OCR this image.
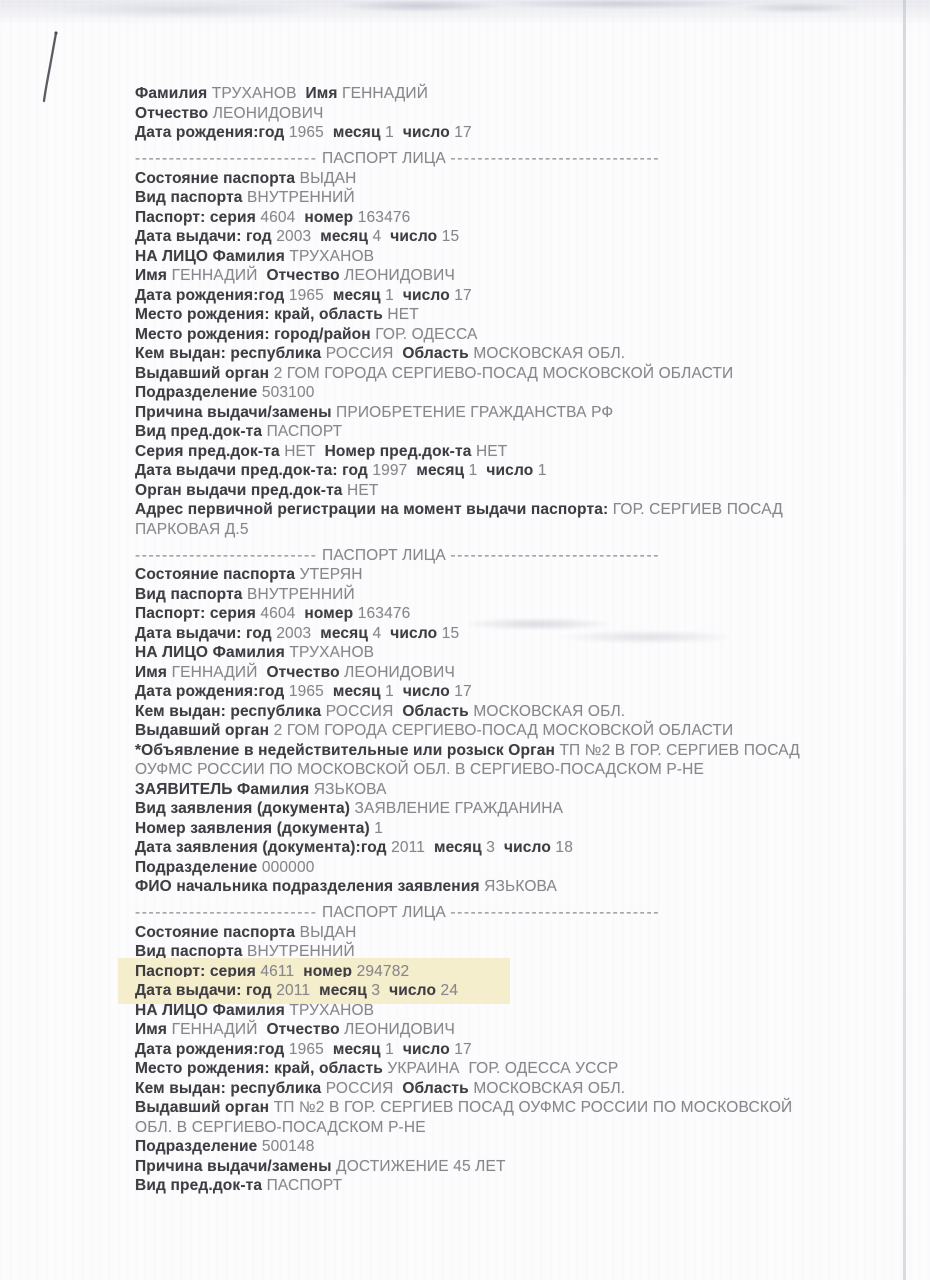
Фамилия ТРУХАНОВ  Имя ГЕННАДИЙ
Отчество ЛЕОНИДОВИЧ
Дата рождения:год 1965  месяц 1  число 17
--------------------------- ПАСПОРТ ЛИЦА -------------------------------
Состояние паспорта ВЫДАН
Вид паспорта ВНУТРЕННИЙ
Паспорт: серия 4604  номер 163476
Дата выдачи: год 2003  месяц 4  число 15
НА ЛИЦО Фамилия ТРУХАНОВ
Имя ГЕННАДИЙ  Отчество ЛЕОНИДОВИЧ
Дата рождения:год 1965  месяц 1  число 17
Место рождения: край, область НЕТ
Место рождения: город/район ГОР. ОДЕССА
Кем выдан: республика РОССИЯ  Область МОСКОВСКАЯ ОБЛ.
Выдавший орган 2 ГОМ ГОРОДА СЕРГИЕВО-ПОСАД МОСКОВСКОЙ ОБЛАСТИ
Подразделение 503100
Причина выдачи/замены ПРИОБРЕТЕНИЕ ГРАЖДАНСТВА РФ
Вид пред.док-та ПАСПОРТ
Серия пред.док-та НЕТ  Номер пред.док-та НЕТ
Дата выдачи пред.док-та: год 1997  месяц 1  число 1
Орган выдачи пред.док-та НЕТ
Адрес первичной регистрации на момент выдачи паспорта: ГОР. СЕРГИЕВ ПОСАД
ПАРКОВАЯ Д.5
--------------------------- ПАСПОРТ ЛИЦА -------------------------------
Состояние паспорта УТЕРЯН
Вид паспорта ВНУТРЕННИЙ
Паспорт: серия 4604  номер 163476
Дата выдачи: год 2003  месяц 4  число 15
НА ЛИЦО Фамилия ТРУХАНОВ
Имя ГЕННАДИЙ  Отчество ЛЕОНИДОВИЧ
Дата рождения:год 1965  месяц 1  число 17
Кем выдан: республика РОССИЯ  Область МОСКОВСКАЯ ОБЛ.
Выдавший орган 2 ГОМ ГОРОДА СЕРГИЕВО-ПОСАД МОСКОВСКОЙ ОБЛАСТИ
*Объявление в недействительные или розыск Орган ТП №2 В ГОР. СЕРГИЕВ ПОСАД
ОУФМС РОССИИ ПО МОСКОВСКОЙ ОБЛ. В СЕРГИЕВО-ПОСАДСКОМ Р-НЕ
ЗАЯВИТЕЛЬ Фамилия ЯЗЬКОВА
Вид заявления (документа) ЗАЯВЛЕНИЕ ГРАЖДАНИНА
Номер заявления (документа) 1
Дата заявления (документа):год 2011  месяц 3  число 18
Подразделение 000000
ФИО начальника подразделения заявления ЯЗЬКОВА
--------------------------- ПАСПОРТ ЛИЦА -------------------------------
Состояние паспорта ВЫДАН
Вид паспорта ВНУТРЕННИЙ
Паспорт: серия 4611  номер 294782
Дата выдачи: год 2011  месяц 3  число 24
НА ЛИЦО Фамилия ТРУХАНОВ
Имя ГЕННАДИЙ  Отчество ЛЕОНИДОВИЧ
Дата рождения:год 1965  месяц 1  число 17
Место рождения: край, область УКРАИНА  ГОР. ОДЕССА УССР
Кем выдан: республика РОССИЯ  Область МОСКОВСКАЯ ОБЛ.
Выдавший орган ТП №2 В ГОР. СЕРГИЕВ ПОСАД ОУФМС РОССИИ ПО МОСКОВСКОЙ
ОБЛ. В СЕРГИЕВО-ПОСАДСКОМ Р-НЕ
Подразделение 500148
Причина выдачи/замены ДОСТИЖЕНИЕ 45 ЛЕТ
Вид пред.док-та ПАСПОРТ
